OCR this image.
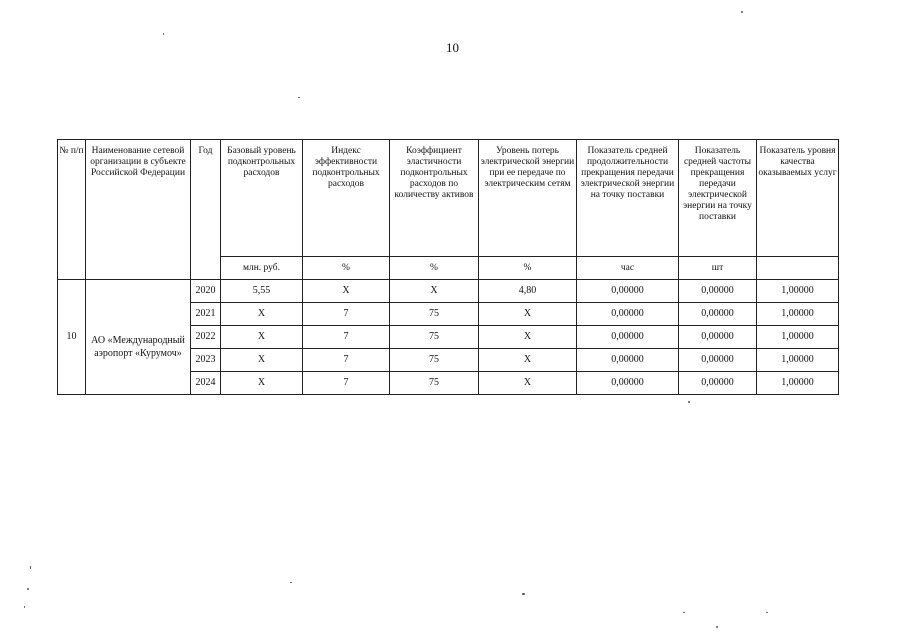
10
№ п/п	Наименование сетевой организации в субъекте Российской Федерации	Год	Базовый уровень подконтрольных расходов	Индекс эффективности подконтрольных расходов	Коэффициент эластичности подконтрольных расходов по количеству активов	Уровень потерь электрической энергии при ее передаче по электрическим сетям	Показатель средней продолжительности прекращения передачи электрической энергии на точку поставки	Показатель средней частоты прекращения передачи электрической энергии на точку поставки	Показатель уровня качества оказываемых услуг
			млн. руб.	%	%	%	час	шт	
10	АО «Международный аэропорт «Курумоч»	2020	5,55	Х	Х	4,80	0,00000	0,00000	1,00000
		2021	Х	7	75	Х	0,00000	0,00000	1,00000
		2022	Х	7	75	Х	0,00000	0,00000	1,00000
		2023	Х	7	75	Х	0,00000	0,00000	1,00000
		2024	Х	7	75	Х	0,00000	0,00000	1,00000
